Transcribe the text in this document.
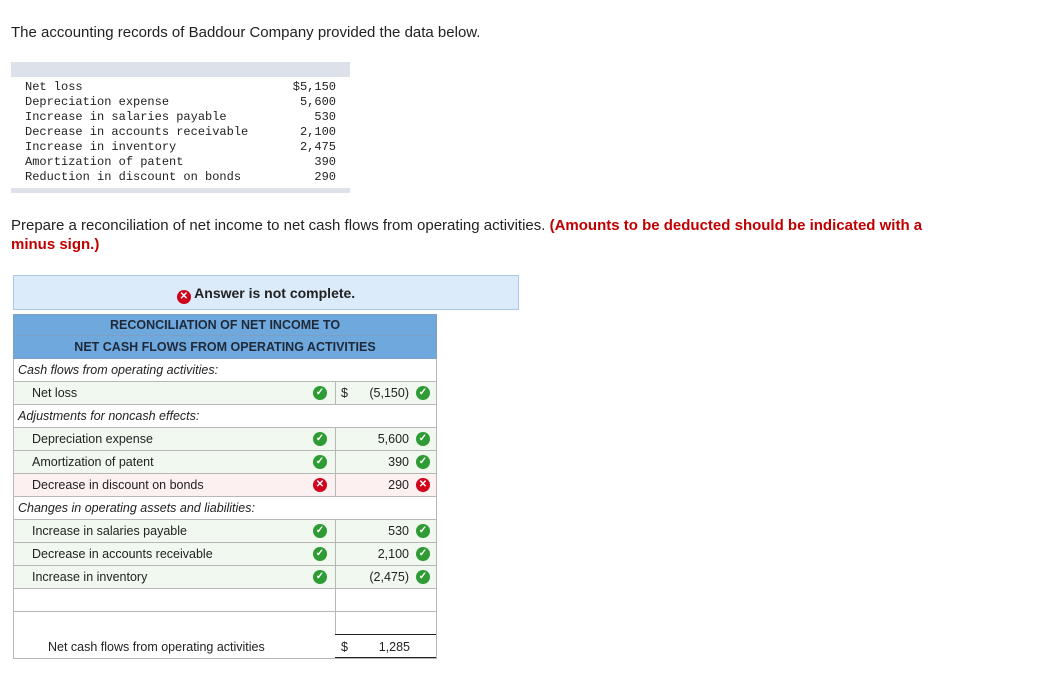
The accounting records of Baddour Company provided the data below.
Net loss	$5,150
Depreciation expense	5,600
Increase in salaries payable	530
Decrease in accounts receivable	2,100
Increase in inventory	2,475
Amortization of patent	390
Reduction in discount on bonds	290
Prepare a reconciliation of net income to net cash flows from operating activities. (Amounts to be deducted should be indicated with a minus sign.)
✕ Answer is not complete.
RECONCILIATION OF NET INCOME TO
NET CASH FLOWS FROM OPERATING ACTIVITIES
Cash flows from operating activities:
Net loss	✓ $ (5,150) ✓
Adjustments for noncash effects:
Depreciation expense	✓	5,600 ✓
Amortization of patent	✓	390 ✓
Decrease in discount on bonds	✕	290 ✕
Changes in operating assets and liabilities:
Increase in salaries payable	✓	530 ✓
Decrease in accounts receivable	✓	2,100 ✓
Increase in inventory	✓	(2,475) ✓
Net cash flows from operating activities	$ 1,285
